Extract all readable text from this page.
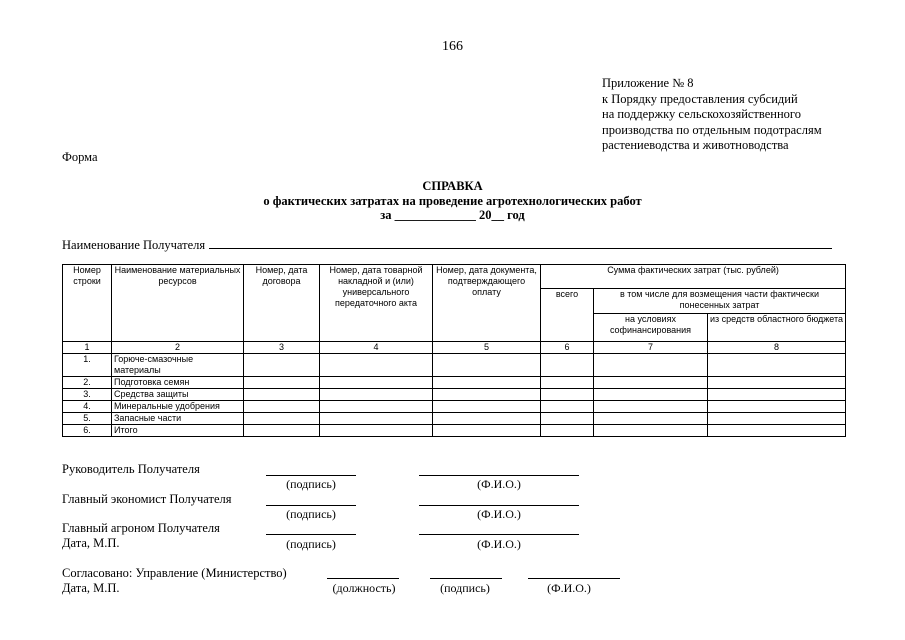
166
Приложение № 8
к Порядку предоставления субсидий
на поддержку сельскохозяйственного
производства по отдельным подотраслям
растениеводства и животноводства
Форма
СПРАВКА
о фактических затратах на проведение агротехнологических работ
за _____________ 20__ год
Наименование Получателя
Номер строки	Наименование материальных ресурсов	Номер, дата договора	Номер, дата товарной накладной и (или) универсального передаточного акта	Номер, дата документа, подтверждающего оплату	Сумма фактических затрат (тыс. рублей)		
					всего	в том числе для возмещения части фактически понесенных затрат	
						на условиях софинансирования	из средств областного бюджета
1	2	3	4	5	6	7	8
1.	Горюче-смазочные материалы						
2.	Подготовка семян						
3.	Средства защиты						
4.	Минеральные удобрения						
5.	Запасные части						
6.	Итого						
Руководитель Получателя
(подпись)	(Ф.И.О.)
Главный экономист Получателя
(подпись)	(Ф.И.О.)
Главный агроном Получателя
Дата, М.П.	(подпись)	(Ф.И.О.)
Согласовано: Управление (Министерство)
Дата, М.П.	(должность)	(подпись)	(Ф.И.О.)
